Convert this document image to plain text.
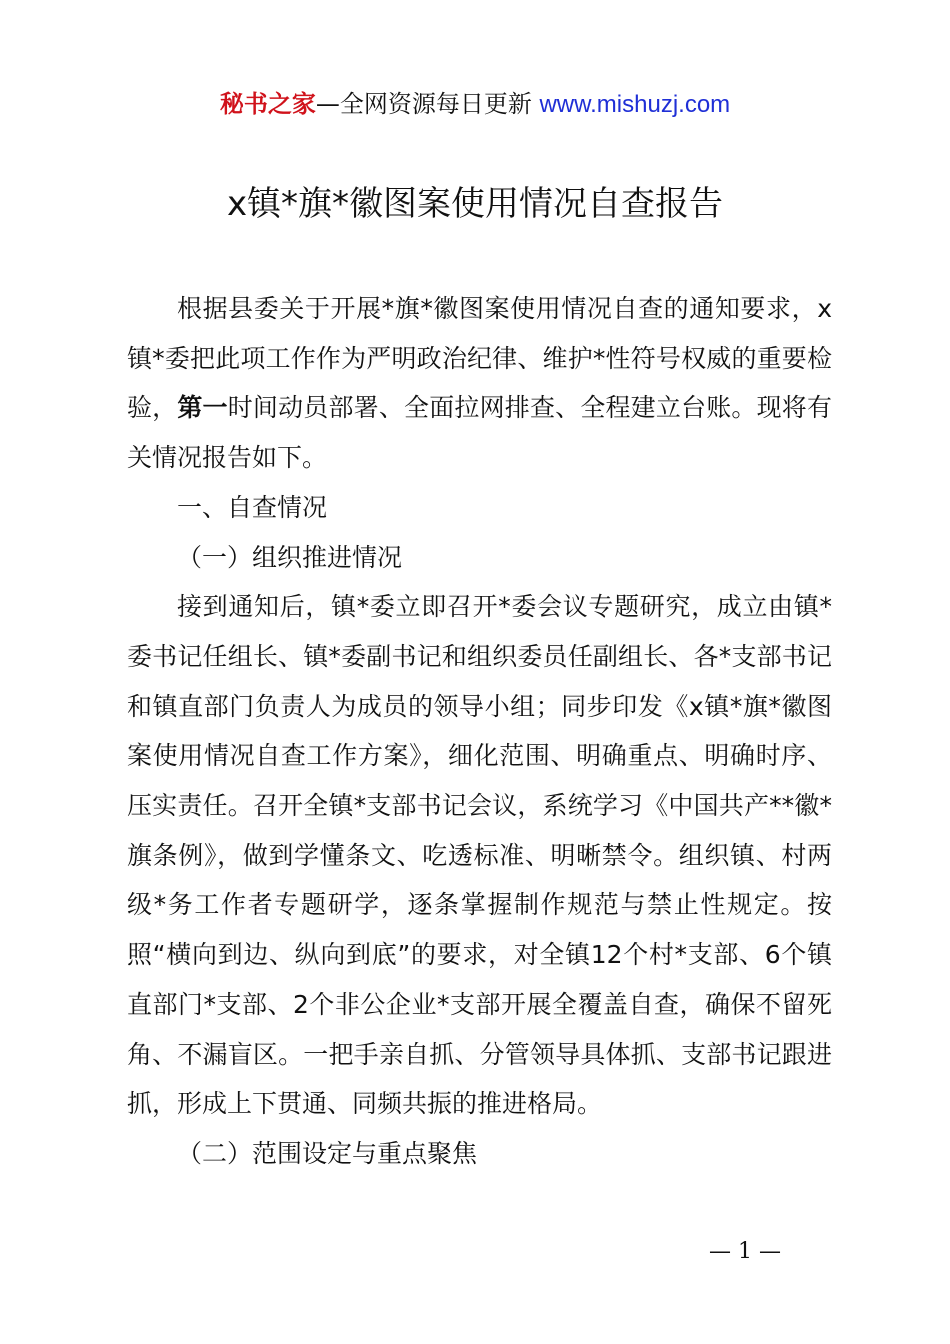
秘书之家—全网资源每日更新 www.mishuzj.com
x镇*旗*徽图案使用情况自查报告

根据县委关于开展*旗*徽图案使用情况自查的通知要求，x镇*委把此项工作作为严明政治纪律、维护*性符号权威的重要检验，第一时间动员部署、全面拉网排查、全程建立台账。现将有关情况报告如下。

一、自查情况

（一）组织推进情况

接到通知后，镇*委立即召开*委会议专题研究，成立由镇*委书记任组长、镇*委副书记和组织委员任副组长、各*支部书记和镇直部门负责人为成员的领导小组；同步印发《x镇*旗*徽图案使用情况自查工作方案》，细化范围、明确重点、明确时序、压实责任。召开全镇*支部书记会议，系统学习《中国共产**徽*旗条例》，做到学懂条文、吃透标准、明晰禁令。组织镇、村两级*务工作者专题研学，逐条掌握制作规范与禁止性规定。按照“横向到边、纵向到底”的要求，对全镇12个村*支部、6个镇直部门*支部、2个非公企业*支部开展全覆盖自查，确保不留死角、不漏盲区。一把手亲自抓、分管领导具体抓、支部书记跟进抓，形成上下贯通、同频共振的推进格局。

（二）范围设定与重点聚焦

— 1 —
